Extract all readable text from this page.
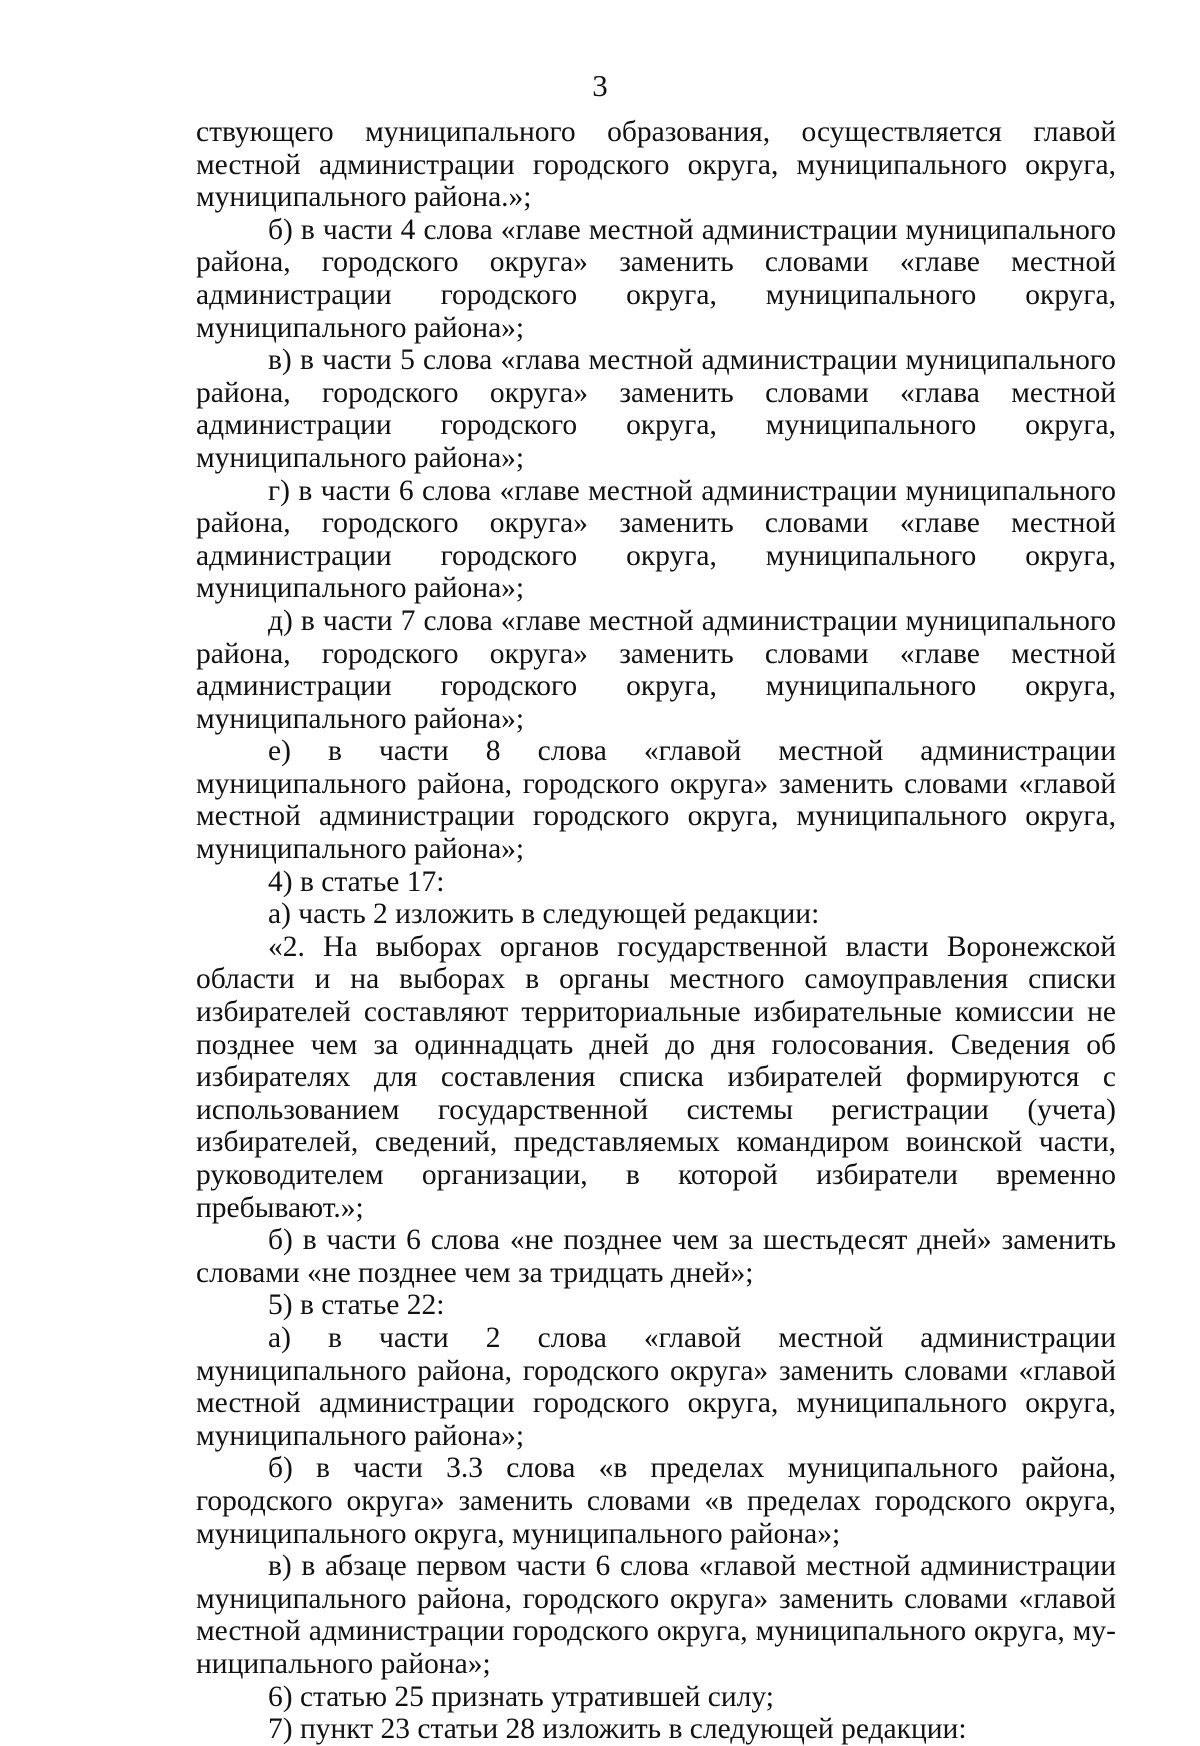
3

ствующего муниципального образования, осуществляется главой местной администрации городского округа, муниципального округа, муниципального района.»;

б) в части 4 слова «главе местной администрации муниципального района, городского округа» заменить словами «главе местной администрации городского округа, муниципального округа, муниципального района»;

в) в части 5 слова «глава местной администрации муниципального района, городского округа» заменить словами «глава местной администрации городского округа, муниципального округа, муниципального района»;

г) в части 6 слова «главе местной администрации муниципального района, городского округа» заменить словами «главе местной администрации городского округа, муниципального округа, муниципального района»;

д) в части 7 слова «главе местной администрации муниципального района, городского округа» заменить словами «главе местной администрации городского округа, муниципального округа, муниципального района»;

е) в части 8 слова «главой местной администрации муниципального района, городского округа» заменить словами «главой местной администрации городского округа, муниципального округа, муниципального района»;

4) в статье 17:

а) часть 2 изложить в следующей редакции:

«2. На выборах органов государственной власти Воронежской области и на выборах в органы местного самоуправления списки избирателей составляют территориальные избирательные комиссии не позднее чем за одиннадцать дней до дня голосования. Сведения об избирателях для составления списка избирателей формируются с использованием государственной системы регистрации (учета) избирателей, сведений, представляемых командиром воинской части, руководителем организации, в которой избиратели временно пребывают.»;

б) в части 6 слова «не позднее чем за шестьдесят дней» заменить словами «не позднее чем за тридцать дней»;

5) в статье 22:

а) в части 2 слова «главой местной администрации муниципального района, городского округа» заменить словами «главой местной администрации городского округа, муниципального округа, муниципального района»;

б) в части 3.3 слова «в пределах муниципального района, городского округа» заменить словами «в пределах городского округа, муниципального округа, муниципального района»;

в) в абзаце первом части 6 слова «главой местной администрации муниципального района, городского округа» заменить словами «главой местной администрации городского округа, муниципального округа, муниципального района»;

6) статью 25 признать утратившей силу;

7) пункт 23 статьи 28 изложить в следующей редакции:
